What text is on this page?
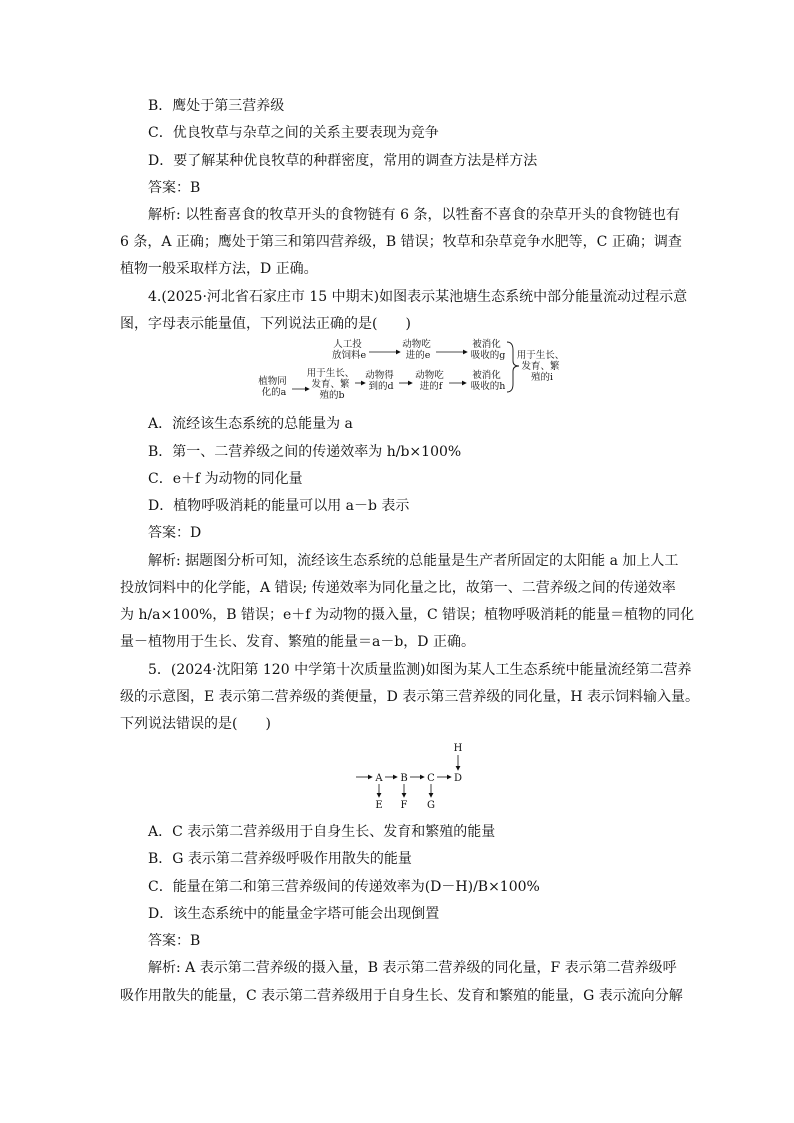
B．鹰处于第三营养级
C．优良牧草与杂草之间的关系主要表现为竞争
D．要了解某种优良牧草的种群密度，常用的调查方法是样方法
答案：B
解析: 以牲畜喜食的牧草开头的食物链有 6 条，以牲畜不喜食的杂草开头的食物链也有
6 条，A 正确；鹰处于第三和第四营养级，B 错误；牧草和杂草竞争水肥等，C 正确；调查
植物一般采取样方法，D 正确。
4.(2025·河北省石家庄市 15 中期末)如图表示某池塘生态系统中部分能量流动过程示意
图，字母表示能量值，下列说法正确的是(　　)
人工投 放饲料e
动物吃 进的e
被消化 吸收的g
植物同 化的a
用于生长、 发育、繁 殖的b
动物得 到的d
动物吃 进的f
被消化 吸收的h
用于生长、 发育、繁 殖的i
A．流经该生态系统的总能量为 a
B．第一、二营养级之间的传递效率为 h/b×100%
C．e＋f 为动物的同化量
D．植物呼吸消耗的能量可以用 a－b 表示
答案：D
解析: 据题图分析可知，流经该生态系统的总能量是生产者所固定的太阳能 a 加上人工
投放饲料中的化学能，A 错误; 传递效率为同化量之比，故第一、二营养级之间的传递效率
为 h/a×100%，B 错误；e＋f 为动物的摄入量，C 错误；植物呼吸消耗的能量＝植物的同化
量－植物用于生长、发育、繁殖的能量＝a－b，D 正确。
5．(2024·沈阳第 120 中学第十次质量监测)如图为某人工生态系统中能量流经第二营养
级的示意图，E 表示第二营养级的粪便量，D 表示第三营养级的同化量，H 表示饲料输入量。
下列说法错误的是(　　)
H
A B C D
E F G
A．C 表示第二营养级用于自身生长、发育和繁殖的能量
B．G 表示第二营养级呼吸作用散失的能量
C．能量在第二和第三营养级间的传递效率为(D－H)/B×100%
D．该生态系统中的能量金字塔可能会出现倒置
答案：B
解析: A 表示第二营养级的摄入量，B 表示第二营养级的同化量，F 表示第二营养级呼
吸作用散失的能量，C 表示第二营养级用于自身生长、发育和繁殖的能量，G 表示流向分解
